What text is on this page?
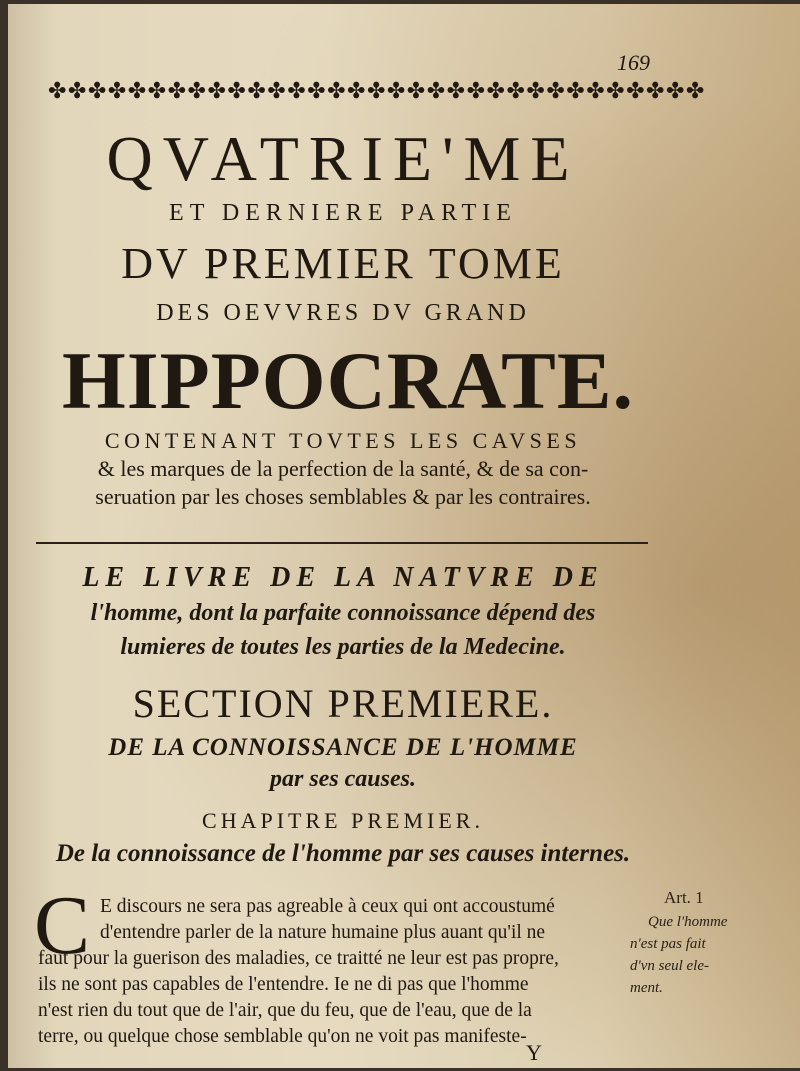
169
✤✤✤✤✤✤✤✤✤✤✤✤✤✤✤✤✤✤✤✤✤✤✤✤✤✤✤✤✤✤✤✤✤
QVATRIE'ME
ET DERNIERE PARTIE
DV PREMIER TOME
DES OEVVRES DV GRAND
HIPPOCRATE.
CONTENANT TOVTES LES CAVSES
& les marques de la perfection de la santé, & de sa con-
seruation par les choses semblables & par les contraires.
LE LIVRE DE LA NATVRE DE
l'homme, dont la parfaite connoissance dépend des
lumieres de toutes les parties de la Medecine.
SECTION PREMIERE.
DE LA CONNOISSANCE DE L'HOMME
par ses causes.
CHAPITRE PREMIER.
De la connoissance de l'homme par ses causes internes.
C E discours ne sera pas agreable à ceux qui ont accoustumé
d'entendre parler de la nature humaine plus auant qu'il ne
faut pour la guerison des maladies, ce traitté ne leur est pas propre,
ils ne sont pas capables de l'entendre. Ie ne di pas que l'homme
n'est rien du tout que de l'air, que du feu, que de l'eau, que de la
terre, ou quelque chose semblable qu'on ne voit pas manifeste-
Art. 1
Que l'homme
n'est pas fait
d'vn seul ele-
ment.
Y
